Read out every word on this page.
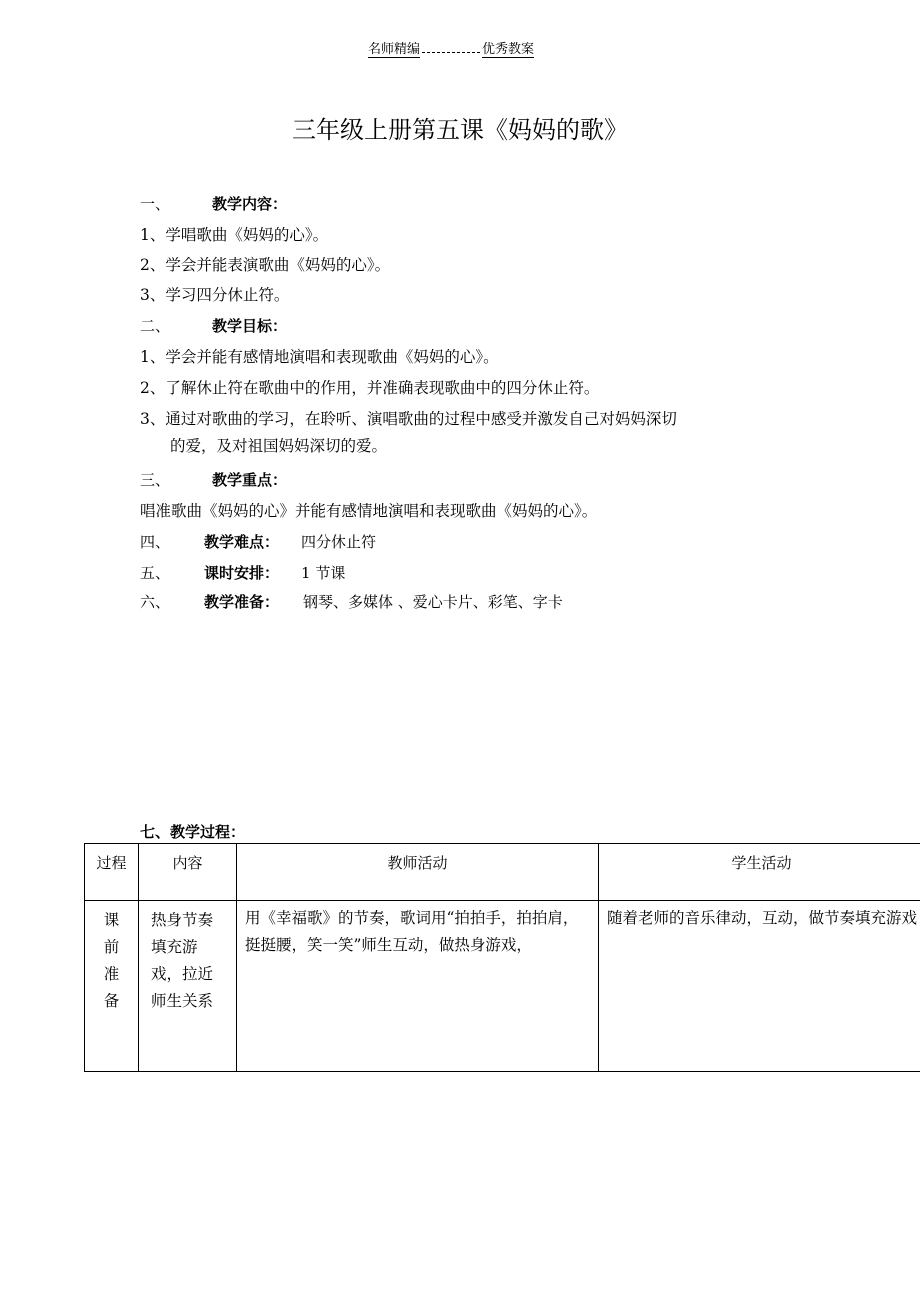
名师精编	优秀教案
三年级上册第五课《妈妈的歌》
一、	教学内容：
1、学唱歌曲《妈妈的心》。
2、学会并能表演歌曲《妈妈的心》。
3、学习四分休止符。
二、	教学目标：
1、学会并能有感情地演唱和表现歌曲《妈妈的心》。
2、了解休止符在歌曲中的作用，并准确表现歌曲中的四分休止符。
3、通过对歌曲的学习，在聆听、演唱歌曲的过程中感受并激发自己对妈妈深切
的爱，及对祖国妈妈深切的爱。
三、	教学重点：
唱准歌曲《妈妈的心》并能有感情地演唱和表现歌曲《妈妈的心》。
四、 教学难点： 四分休止符
五、 课时安排： 1 节课
六、 教学准备： 钢琴、多媒体 、爱心卡片、彩笔、字卡
七、教学过程：
过程	内容	教师活动	学生活动

课
前
准
备	热身节奏填充游戏，拉近师生关系	用《幸福歌》的节奏，歌词用“拍拍手，拍拍肩，挺挺腰，笑一笑”师生互动，做热身游戏，	随着老师的音乐律动，互动，做节奏填充游戏
